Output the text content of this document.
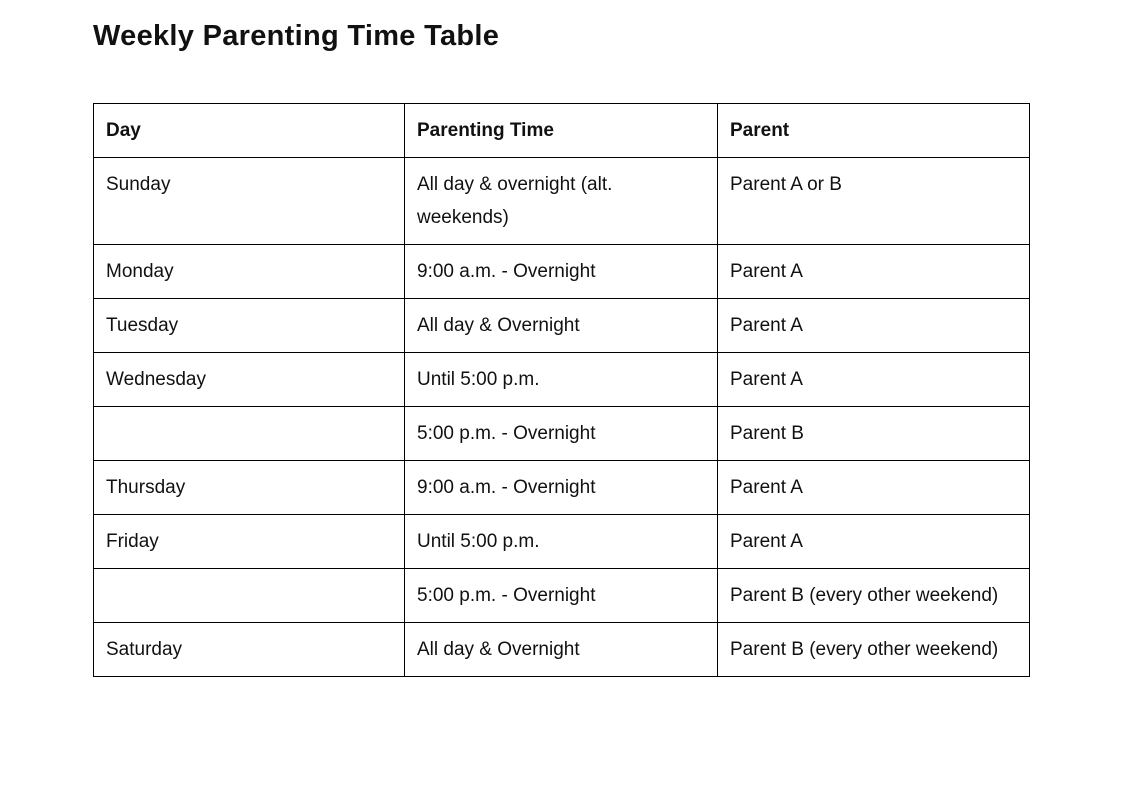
Weekly Parenting Time Table
Day	Parenting Time	Parent
Sunday	All day & overnight (alt. weekends)	Parent A or B
Monday	9:00 a.m. - Overnight	Parent A
Tuesday	All day & Overnight	Parent A
Wednesday	Until 5:00 p.m.	Parent A
	5:00 p.m. - Overnight	Parent B
Thursday	9:00 a.m. - Overnight	Parent A
Friday	Until 5:00 p.m.	Parent A
	5:00 p.m. - Overnight	Parent B (every other weekend)
Saturday	All day & Overnight	Parent B (every other weekend)
